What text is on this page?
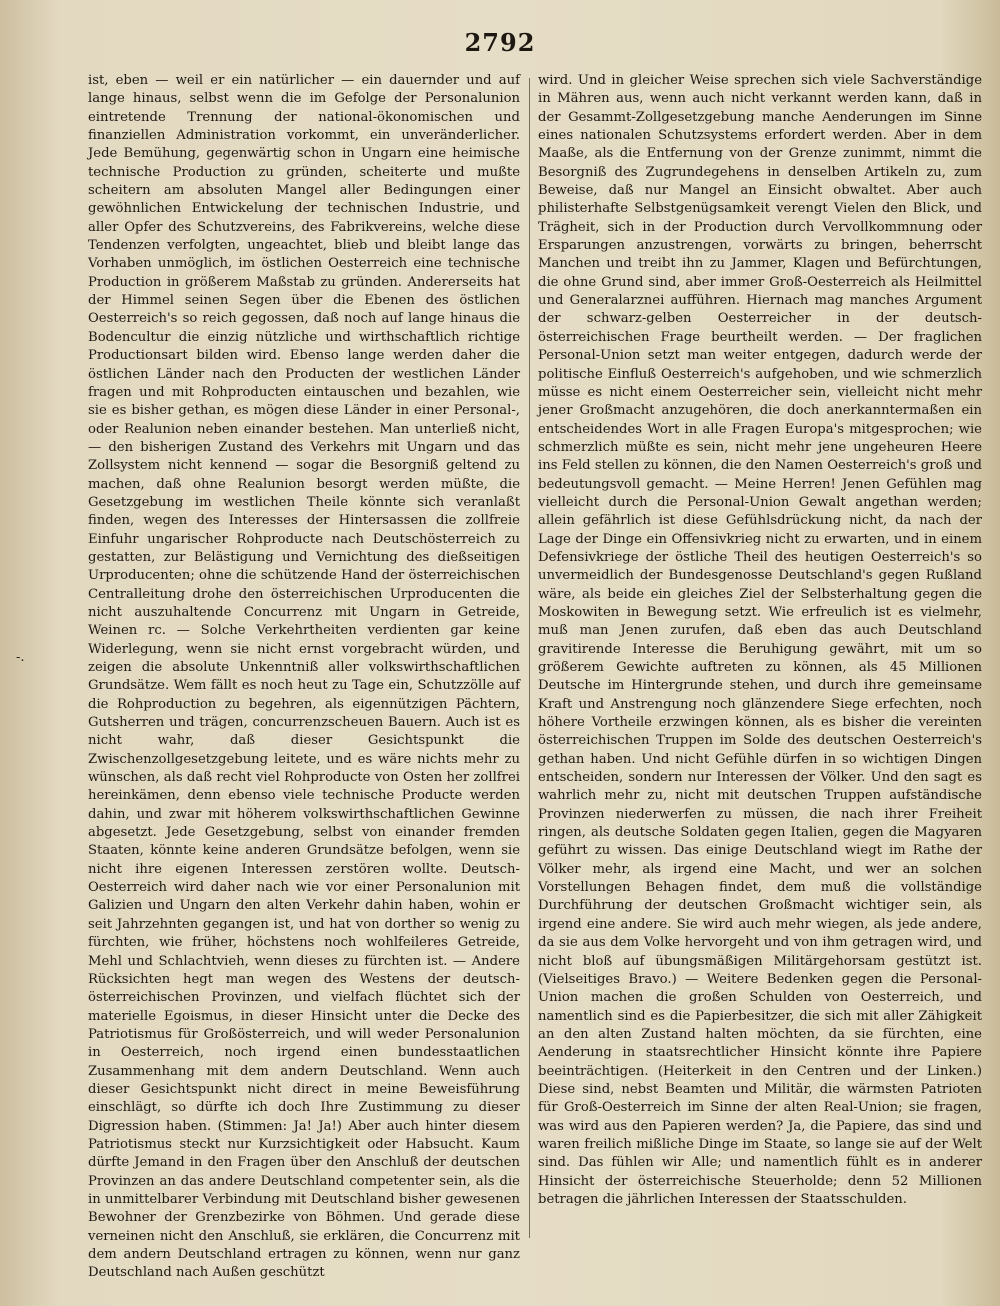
2792

ist, eben — weil er ein natürlicher — ein dauernder und auf lange hinaus, selbst wenn die im Gefolge der Personalunion eintretende Trennung der national-ökonomischen und finanziellen Administration vorkommt, ein unveränderlicher. Jede Bemühung, gegenwärtig schon in Ungarn eine heimische technische Production zu gründen, scheiterte und mußte scheitern am absoluten Mangel aller Bedingungen einer gewöhnlichen Entwickelung der technischen Industrie, und aller Opfer des Schutzvereins, des Fabrikvereins, welche diese Tendenzen verfolgten, ungeachtet, blieb und bleibt lange das Vorhaben unmöglich, im östlichen Oesterreich eine technische Production in größerem Maßstab zu gründen. Andererseits hat der Himmel seinen Segen über die Ebenen des östlichen Oesterreich's so reich gegossen, daß noch auf lange hinaus die Bodencultur die einzig nützliche und wirthschaftlich richtige Productionsart bilden wird. Ebenso lange werden daher die östlichen Länder nach den Producten der westlichen Länder fragen und mit Rohproducten eintauschen und bezahlen, wie sie es bisher gethan, es mögen diese Länder in einer Personal-, oder Realunion neben einander bestehen. Man unterließ nicht, — den bisherigen Zustand des Verkehrs mit Ungarn und das Zollsystem nicht kennend — sogar die Besorgniß geltend zu machen, daß ohne Realunion besorgt werden müßte, die Gesetzgebung im westlichen Theile könnte sich veranlaßt finden, wegen des Interesses der Hintersassen die zollfreie Einfuhr ungarischer Rohproducte nach Deutschösterreich zu gestatten, zur Belästigung und Vernichtung des dießseitigen Urproducenten; ohne die schützende Hand der österreichischen Centralleitung drohe den österreichischen Urproducenten die nicht auszuhaltende Concurrenz mit Ungarn in Getreide, Weinen rc. — Solche Verkehrtheiten verdienten gar keine Widerlegung, wenn sie nicht ernst vorgebracht würden, und zeigen die absolute Unkenntniß aller volkswirthschaftlichen Grundsätze. Wem fällt es noch heut zu Tage ein, Schutzzölle auf die Rohproduction zu begehren, als eigennützigen Pächtern, Gutsherren und trägen, concurrenzscheuen Bauern. Auch ist es nicht wahr, daß dieser Gesichtspunkt die Zwischenzollgesetzgebung leitete, und es wäre nichts mehr zu wünschen, als daß recht viel Rohproducte von Osten her zollfrei hereinkämen, denn ebenso viele technische Producte werden dahin, und zwar mit höherem volkswirthschaftlichen Gewinne abgesetzt. Jede Gesetzgebung, selbst von einander fremden Staaten, könnte keine anderen Grundsätze befolgen, wenn sie nicht ihre eigenen Interessen zerstören wollte. Deutsch-Oesterreich wird daher nach wie vor einer Personalunion mit Galizien und Ungarn den alten Verkehr dahin haben, wohin er seit Jahrzehnten gegangen ist, und hat von dorther so wenig zu fürchten, wie früher, höchstens noch wohlfeileres Getreide, Mehl und Schlachtvieh, wenn dieses zu fürchten ist. — Andere Rücksichten hegt man wegen des Westens der deutsch-österreichischen Provinzen, und vielfach flüchtet sich der materielle Egoismus, in dieser Hinsicht unter die Decke des Patriotismus für Großösterreich, und will weder Personalunion in Oesterreich, noch irgend einen bundesstaatlichen Zusammenhang mit dem andern Deutschland. Wenn auch dieser Gesichtspunkt nicht direct in meine Beweisführung einschlägt, so dürfte ich doch Ihre Zustimmung zu dieser Digression haben. (Stimmen: Ja! Ja!) Aber auch hinter diesem Patriotismus steckt nur Kurzsichtigkeit oder Habsucht. Kaum dürfte Jemand in den Fragen über den Anschluß der deutschen Provinzen an das andere Deutschland competenter sein, als die in unmittelbarer Verbindung mit Deutschland bisher gewesenen Bewohner der Grenzbezirke von Böhmen. Und gerade diese verneinen nicht den Anschluß, sie erklären, die Concurrenz mit dem andern Deutschland ertragen zu können, wenn nur ganz Deutschland nach Außen geschützt

wird. Und in gleicher Weise sprechen sich viele Sachverständige in Mähren aus, wenn auch nicht verkannt werden kann, daß in der Gesammt-Zollgesetzgebung manche Aenderungen im Sinne eines nationalen Schutzsystems erfordert werden. Aber in dem Maaße, als die Entfernung von der Grenze zunimmt, nimmt die Besorgniß des Zugrundegehens in denselben Artikeln zu, zum Beweise, daß nur Mangel an Einsicht obwaltet. Aber auch philisterhafte Selbstgenügsamkeit verengt Vielen den Blick, und Trägheit, sich in der Production durch Vervollkommnung oder Ersparungen anzustrengen, vorwärts zu bringen, beherrscht Manchen und treibt ihn zu Jammer, Klagen und Befürchtungen, die ohne Grund sind, aber immer Groß-Oesterreich als Heilmittel und Generalarznei aufführen. Hiernach mag manches Argument der schwarz-gelben Oesterreicher in der deutsch-österreichischen Frage beurtheilt werden. — Der fraglichen Personal-Union setzt man weiter entgegen, dadurch werde der politische Einfluß Oesterreich's aufgehoben, und wie schmerzlich müsse es nicht einem Oesterreicher sein, vielleicht nicht mehr jener Großmacht anzugehören, die doch anerkanntermaßen ein entscheidendes Wort in alle Fragen Europa's mitgesprochen; wie schmerzlich müßte es sein, nicht mehr jene ungeheuren Heere ins Feld stellen zu können, die den Namen Oesterreich's groß und bedeutungsvoll gemacht. — Meine Herren! Jenen Gefühlen mag vielleicht durch die Personal-Union Gewalt angethan werden; allein gefährlich ist diese Gefühlsdrückung nicht, da nach der Lage der Dinge ein Offensivkrieg nicht zu erwarten, und in einem Defensivkriege der östliche Theil des heutigen Oesterreich's so unvermeidlich der Bundesgenosse Deutschland's gegen Rußland wäre, als beide ein gleiches Ziel der Selbsterhaltung gegen die Moskowiten in Bewegung setzt. Wie erfreulich ist es vielmehr, muß man Jenen zurufen, daß eben das auch Deutschland gravitirende Interesse die Beruhigung gewährt, mit um so größerem Gewichte auftreten zu können, als 45 Millionen Deutsche im Hintergrunde stehen, und durch ihre gemeinsame Kraft und Anstrengung noch glänzendere Siege erfechten, noch höhere Vortheile erzwingen können, als es bisher die vereinten österreichischen Truppen im Solde des deutschen Oesterreich's gethan haben. Und nicht Gefühle dürfen in so wichtigen Dingen entscheiden, sondern nur Interessen der Völker. Und den sagt es wahrlich mehr zu, nicht mit deutschen Truppen aufständische Provinzen niederwerfen zu müssen, die nach ihrer Freiheit ringen, als deutsche Soldaten gegen Italien, gegen die Magyaren geführt zu wissen. Das einige Deutschland wiegt im Rathe der Völker mehr, als irgend eine Macht, und wer an solchen Vorstellungen Behagen findet, dem muß die vollständige Durchführung der deutschen Großmacht wichtiger sein, als irgend eine andere. Sie wird auch mehr wiegen, als jede andere, da sie aus dem Volke hervorgeht und von ihm getragen wird, und nicht bloß auf übungsmäßigen Militärgehorsam gestützt ist. (Vielseitiges Bravo.) — Weitere Bedenken gegen die Personal-Union machen die großen Schulden von Oesterreich, und namentlich sind es die Papierbesitzer, die sich mit aller Zähigkeit an den alten Zustand halten möchten, da sie fürchten, eine Aenderung in staatsrechtlicher Hinsicht könnte ihre Papiere beeinträchtigen. (Heiterkeit in den Centren und der Linken.) Diese sind, nebst Beamten und Militär, die wärmsten Patrioten für Groß-Oesterreich im Sinne der alten Real-Union; sie fragen, was wird aus den Papieren werden? Ja, die Papiere, das sind und waren freilich mißliche Dinge im Staate, so lange sie auf der Welt sind. Das fühlen wir Alle; und namentlich fühlt es in anderer Hinsicht der österreichische Steuerholde; denn 52 Millionen betragen die jährlichen Interessen der Staatsschulden.

-.
